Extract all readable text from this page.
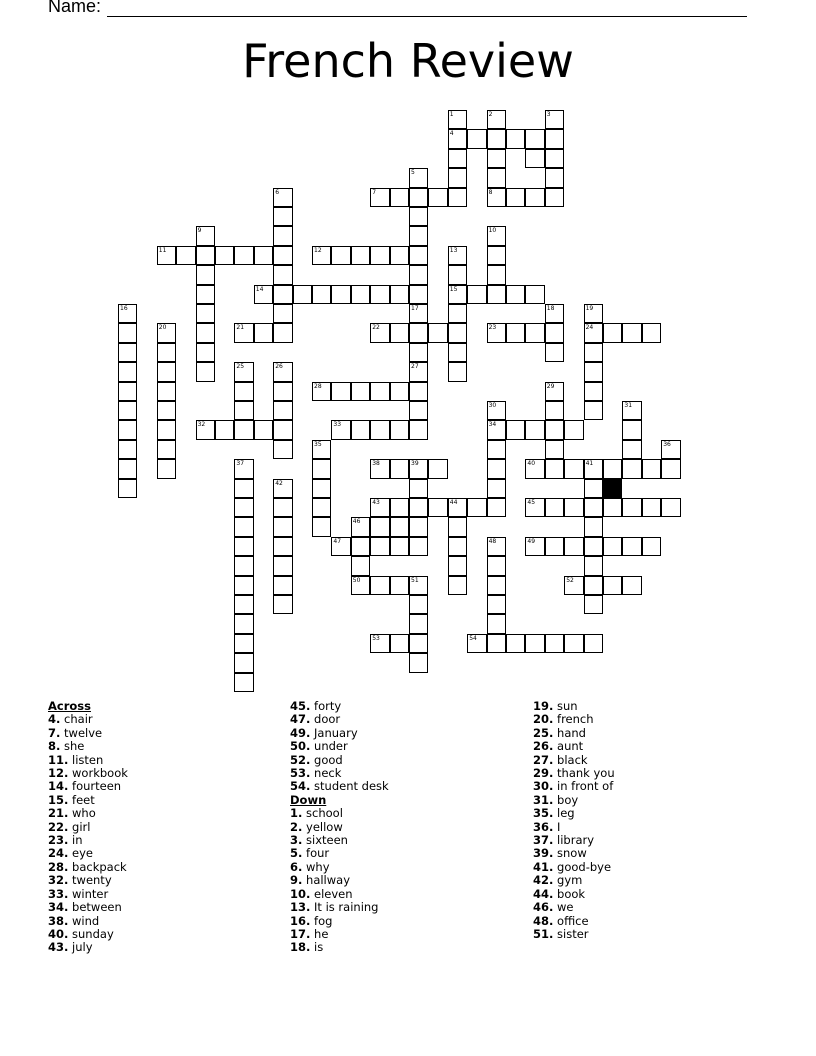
Name:
French Review
1	2	3
4
5
6	7	8
9	10
11	12	13
14	15
16	17	18	19
20	21	22	23	24
25	26	27
28	29
30	31
32	33	34
35	36
37	38	39	40	41
42
43	44	45
46
47	48	49
50	51	52
53	54
Across
4. chair
7. twelve
8. she
11. listen
12. workbook
14. fourteen
15. feet
21. who
22. girl
23. in
24. eye
28. backpack
32. twenty
33. winter
34. between
38. wind
40. sunday
43. july
45. forty
47. door
49. January
50. under
52. good
53. neck
54. student desk
Down
1. school
2. yellow
3. sixteen
5. four
6. why
9. hallway
10. eleven
13. It is raining
16. fog
17. he
18. is
19. sun
20. french
25. hand
26. aunt
27. black
29. thank you
30. in front of
31. boy
35. leg
36. I
37. library
39. snow
41. good-bye
42. gym
44. book
46. we
48. office
51. sister
